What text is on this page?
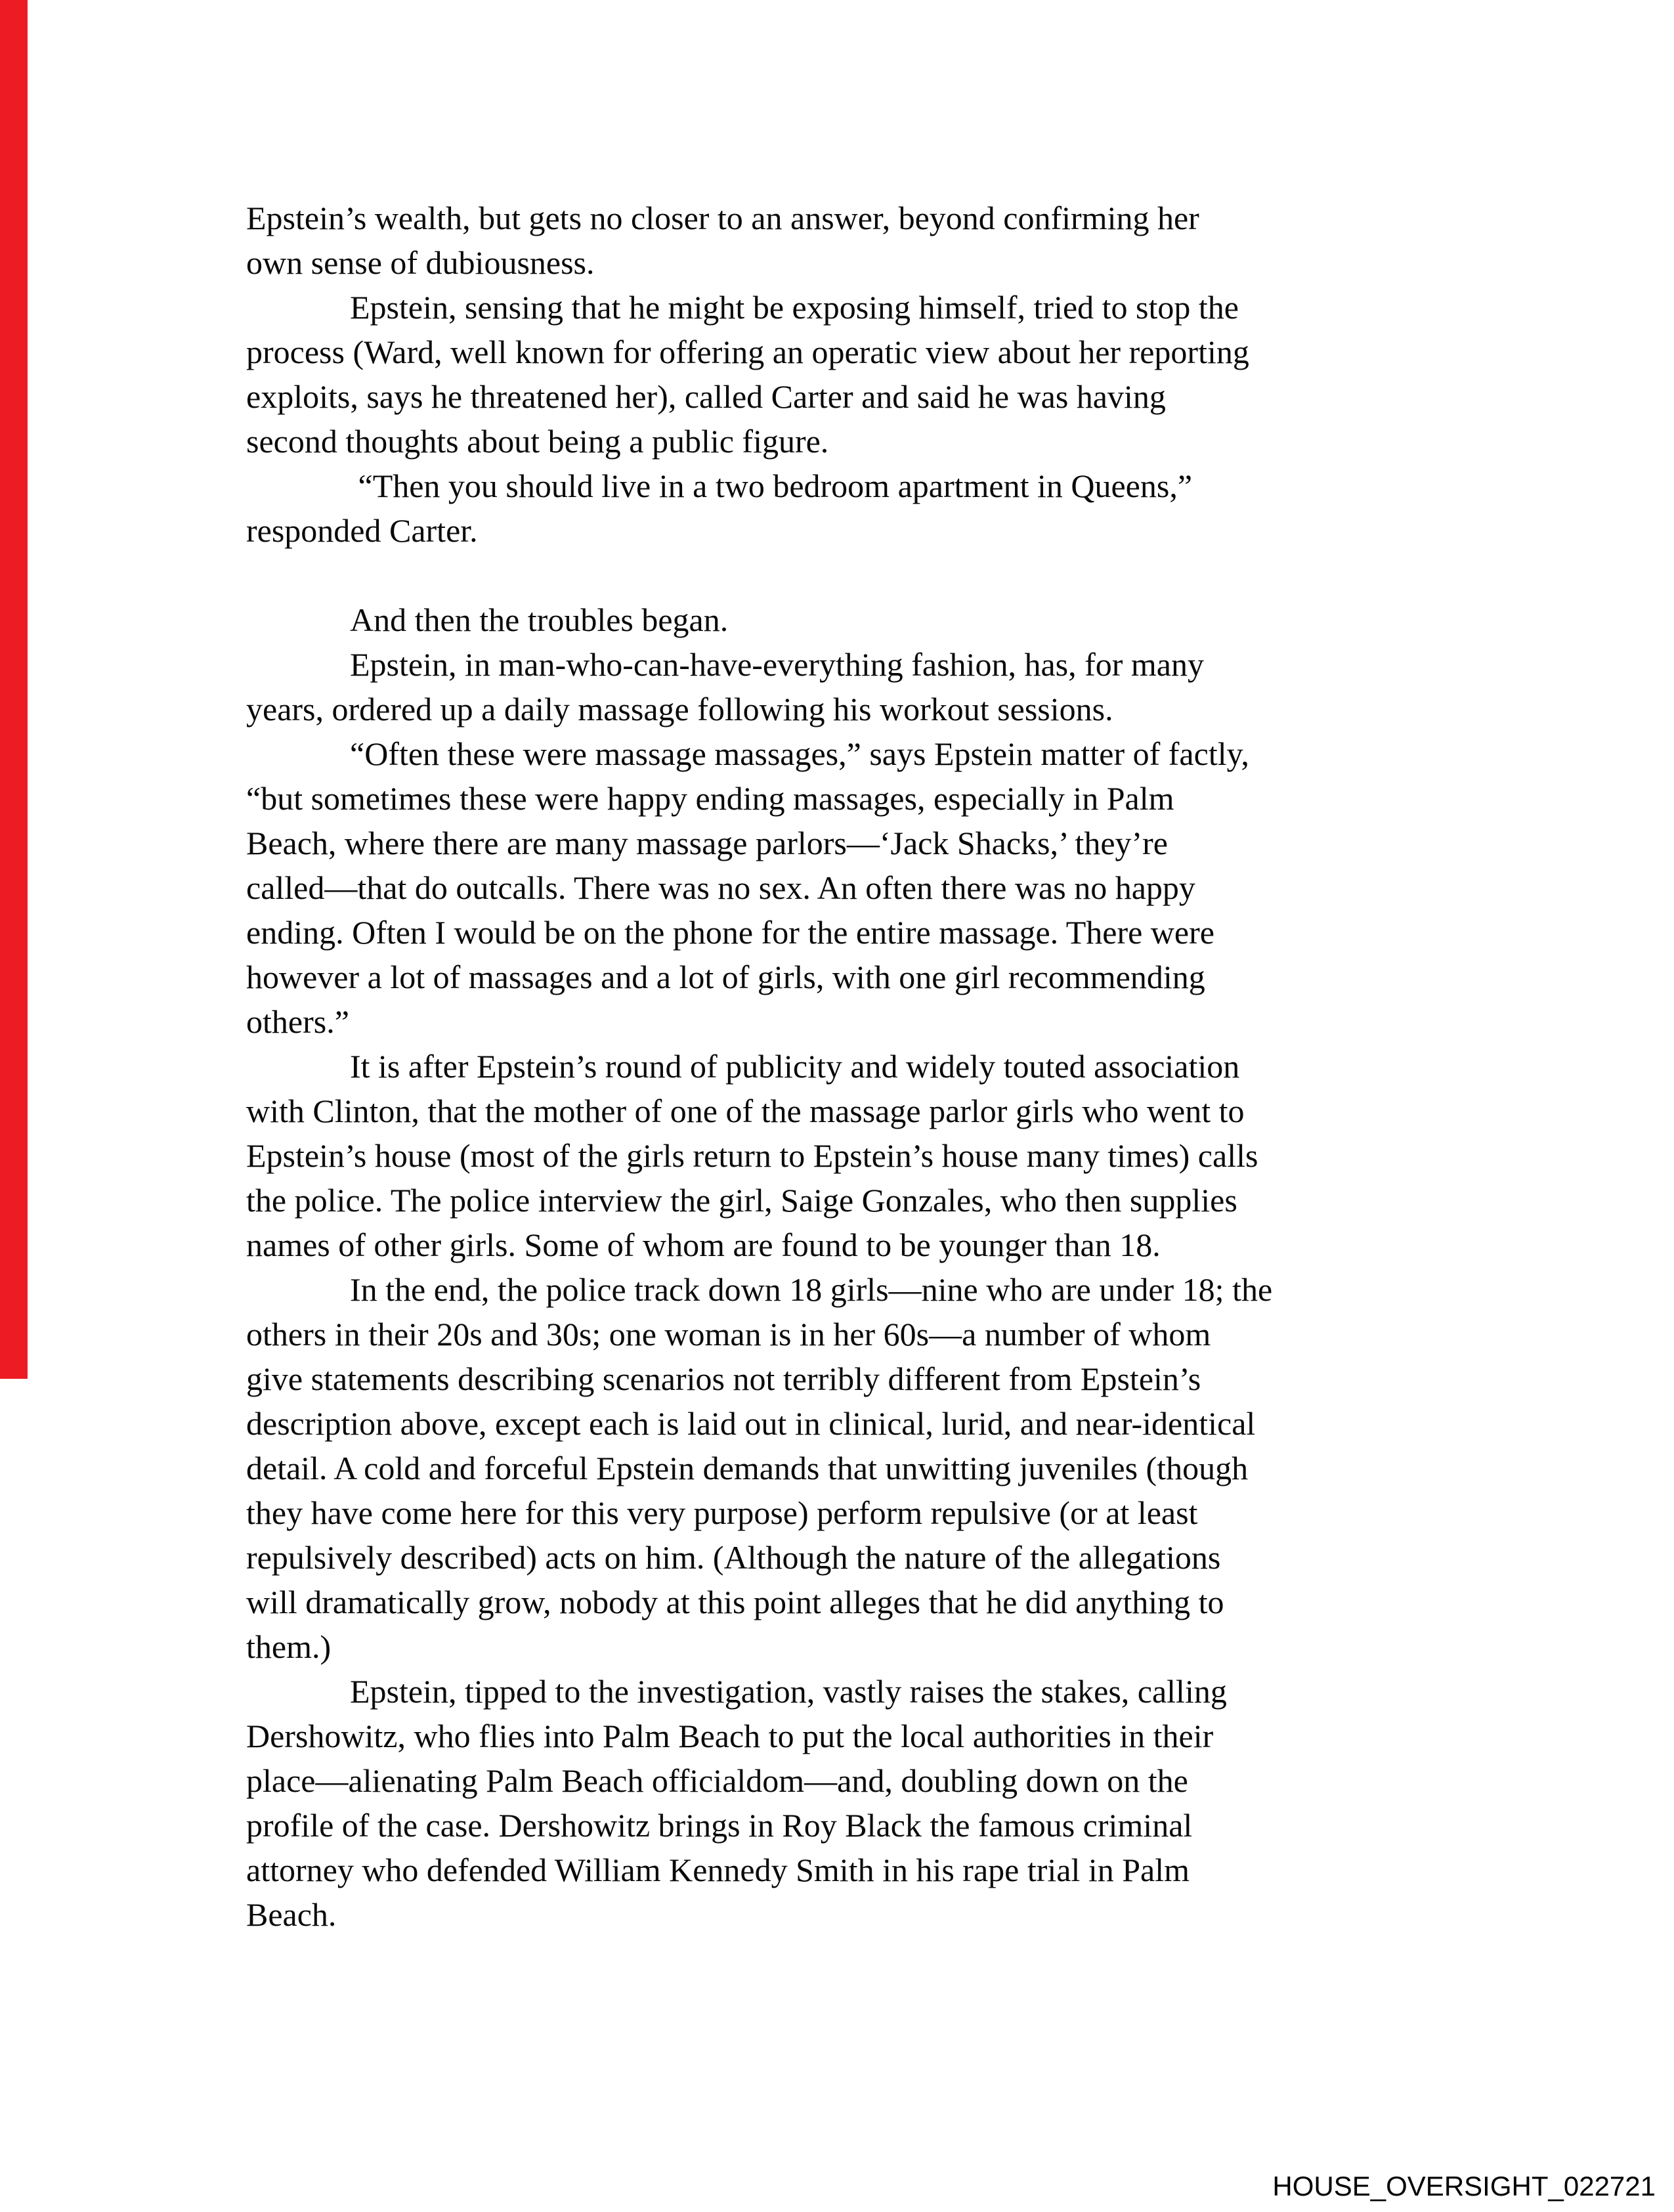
Epstein’s wealth, but gets no closer to an answer, beyond confirming her
own sense of dubiousness.
Epstein, sensing that he might be exposing himself, tried to stop the
process (Ward, well known for offering an operatic view about her reporting
exploits, says he threatened her), called Carter and said he was having
second thoughts about being a public figure.
“Then you should live in a two bedroom apartment in Queens,”
responded Carter.
And then the troubles began.
Epstein, in man-who-can-have-everything fashion, has, for many
years, ordered up a daily massage following his workout sessions.
“Often these were massage massages,” says Epstein matter of factly,
“but sometimes these were happy ending massages, especially in Palm
Beach, where there are many massage parlors—‘Jack Shacks,’ they’re
called—that do outcalls. There was no sex. An often there was no happy
ending. Often I would be on the phone for the entire massage. There were
however a lot of massages and a lot of girls, with one girl recommending
others.”
It is after Epstein’s round of publicity and widely touted association
with Clinton, that the mother of one of the massage parlor girls who went to
Epstein’s house (most of the girls return to Epstein’s house many times) calls
the police. The police interview the girl, Saige Gonzales, who then supplies
names of other girls. Some of whom are found to be younger than 18.
In the end, the police track down 18 girls—nine who are under 18; the
others in their 20s and 30s; one woman is in her 60s—a number of whom
give statements describing scenarios not terribly different from Epstein’s
description above, except each is laid out in clinical, lurid, and near-identical
detail. A cold and forceful Epstein demands that unwitting juveniles (though
they have come here for this very purpose) perform repulsive (or at least
repulsively described) acts on him. (Although the nature of the allegations
will dramatically grow, nobody at this point alleges that he did anything to
them.)
Epstein, tipped to the investigation, vastly raises the stakes, calling
Dershowitz, who flies into Palm Beach to put the local authorities in their
place—alienating Palm Beach officialdom—and, doubling down on the
profile of the case. Dershowitz brings in Roy Black the famous criminal
attorney who defended William Kennedy Smith in his rape trial in Palm
Beach.
HOUSE_OVERSIGHT_022721
